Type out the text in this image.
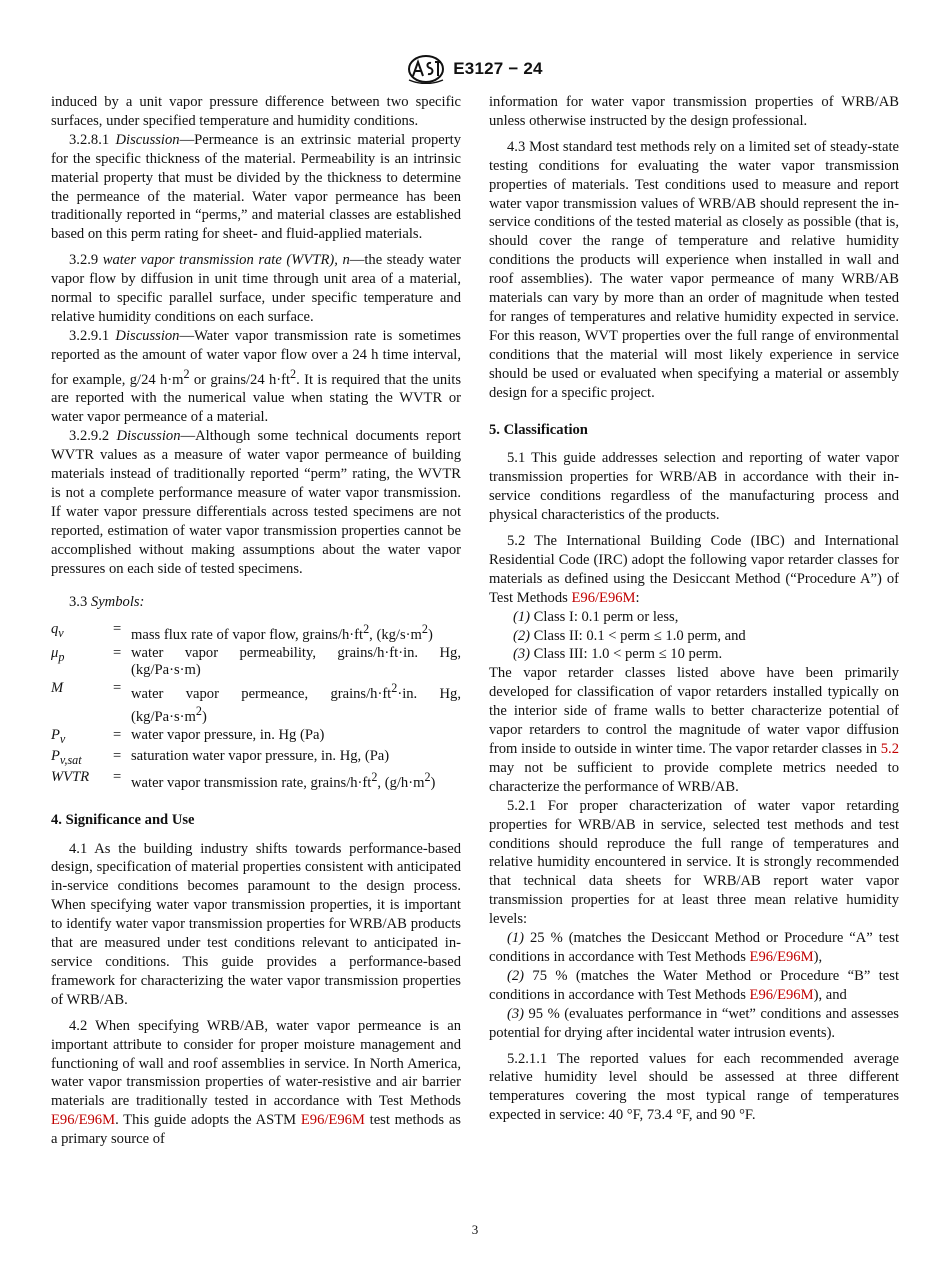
E3127 − 24

induced by a unit vapor pressure difference between two specific surfaces, under specified temperature and humidity conditions.

3.2.8.1 Discussion—Permeance is an extrinsic material property for the specific thickness of the material. Permeability is an intrinsic material property that must be divided by the thickness to determine the permeance of the material. Water vapor permeance has been traditionally reported in “perms,” and material classes are established based on this perm rating for sheet- and fluid-applied materials.

3.2.9 water vapor transmission rate (WVTR), n—the steady water vapor flow by diffusion in unit time through unit area of a material, normal to specific parallel surface, under specific temperature and relative humidity conditions on each surface.

3.2.9.1 Discussion—Water vapor transmission rate is sometimes reported as the amount of water vapor flow over a 24 h time interval, for example, g/24 $h\cdot m^2$ or grains/24 $h\cdot ft^2$. It is required that the units are reported with the numerical value when stating the WVTR or water vapor permeance of a material.

3.2.9.2 Discussion—Although some technical documents report WVTR values as a measure of water vapor permeance of building materials instead of traditionally reported “perm” rating, the WVTR is not a complete performance measure of water vapor transmission. If water vapor pressure differentials across tested specimens are not reported, estimation of water vapor transmission properties cannot be accomplished without making assumptions about the water vapor pressures on each side of tested specimens.

3.3 Symbols:

$q_v$	=	mass flux rate of vapor flow, grains/$h\cdot ft^2$, $(kg/s\cdot m^2)$
$\mu_p$	=	water vapor permeability, grains/h·ft·in. Hg, (kg/Pa·s·m)
M	=	water vapor permeance, grains/$h\cdot ft^2\cdot in$. Hg, $(kg/Pa\cdot s\cdot m^2)$
$P_v$	=	water vapor pressure, in. Hg (Pa)
$P_{v,sat}$	=	saturation water vapor pressure, in. Hg, (Pa)
WVTR	=	water vapor transmission rate, grains/$h\cdot ft^2$, $(g/h\cdot m^2)$
4. Significance and Use

4.1 As the building industry shifts towards performance-based design, specification of material properties consistent with anticipated in-service conditions becomes paramount to the design process. When specifying water vapor transmission properties, it is important to identify water vapor transmission properties for WRB/AB products that are measured under test conditions relevant to anticipated in-service conditions. This guide provides a performance-based framework for characterizing the water vapor transmission properties of WRB/AB.

4.2 When specifying WRB/AB, water vapor permeance is an important attribute to consider for proper moisture management and functioning of wall and roof assemblies in service. In North America, water vapor transmission properties of water-resistive and air barrier materials are traditionally tested in accordance with Test Methods E96/E96M. This guide adopts the ASTM E96/E96M test methods as a primary source of

information for water vapor transmission properties of WRB/AB unless otherwise instructed by the design professional.

4.3 Most standard test methods rely on a limited set of steady-state testing conditions for evaluating the water vapor transmission properties of materials. Test conditions used to measure and report water vapor transmission values of WRB/AB should represent the in-service conditions of the tested material as closely as possible (that is, should cover the range of temperature and relative humidity conditions the products will experience when installed in wall and roof assemblies). The water vapor permeance of many WRB/AB materials can vary by more than an order of magnitude when tested for ranges of temperatures and relative humidity expected in service. For this reason, WVT properties over the full range of environmental conditions that the material will most likely experience in service should be used or evaluated when specifying a material or assembly design for a specific project.

5. Classification

5.1 This guide addresses selection and reporting of water vapor transmission properties for WRB/AB in accordance with their in-service conditions regardless of the manufacturing process and physical characteristics of the products.

5.2 The International Building Code (IBC) and International Residential Code (IRC) adopt the following vapor retarder classes for materials as defined using the Desiccant Method (“Procedure A”) of Test Methods E96/E96M:

(1) Class I: 0.1 perm or less,

(2) Class II: 0.1 < perm ≤ 1.0 perm, and

(3) Class III: 1.0 < perm ≤ 10 perm.

The vapor retarder classes listed above have been primarily developed for classification of vapor retarders installed typically on the interior side of frame walls to better characterize potential of vapor retarders to control the magnitude of water vapor diffusion from inside to outside in winter time. The vapor retarder classes in 5.2 may not be sufficient to provide complete metrics needed to characterize the performance of WRB/AB.

5.2.1 For proper characterization of water vapor retarding properties for WRB/AB in service, selected test methods and test conditions should reproduce the full range of temperatures and relative humidity encountered in service. It is strongly recommended that technical data sheets for WRB/AB report water vapor transmission properties for at least three mean relative humidity levels:

(1) 25 % (matches the Desiccant Method or Procedure “A” test conditions in accordance with Test Methods E96/E96M),

(2) 75 % (matches the Water Method or Procedure “B” test conditions in accordance with Test Methods E96/E96M), and

(3) 95 % (evaluates performance in “wet” conditions and assesses potential for drying after incidental water intrusion events).

5.2.1.1 The reported values for each recommended average relative humidity level should be assessed at three different temperatures covering the most typical range of temperatures expected in service: 40 °F, 73.4 °F, and 90 °F.

3
